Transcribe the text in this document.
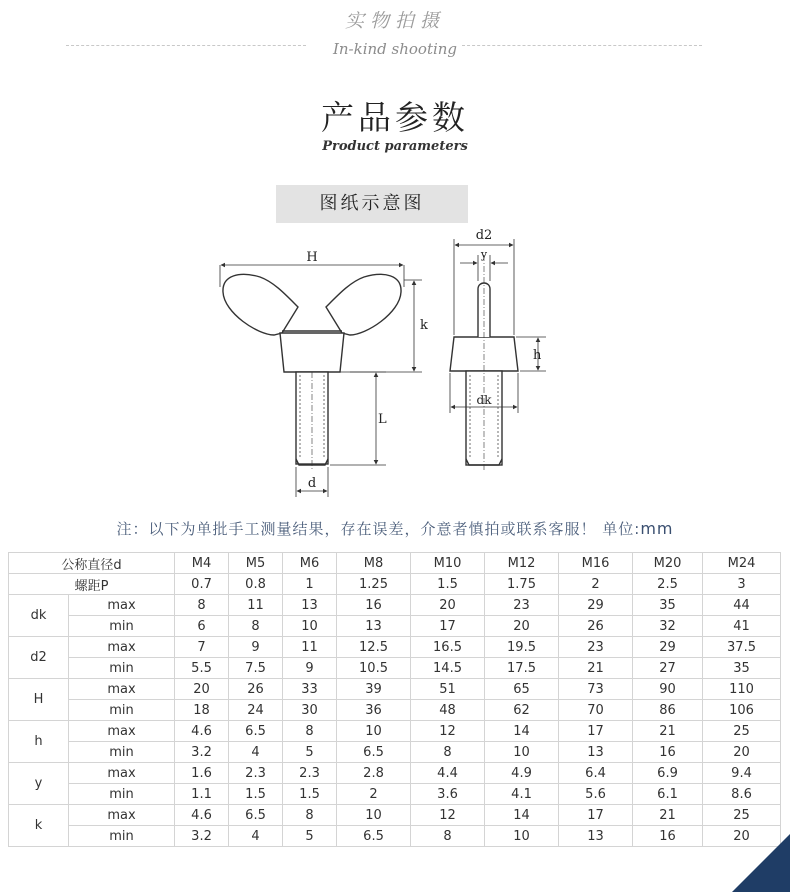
实物拍摄
In-kind shooting
产品参数
Product parameters
图纸示意图
H
k
L
d
d2
y
h
dk
注：以下为单批手工测量结果，存在误差，介意者慎拍或联系客服！ 单位:mm
公称直径d		M4	M5	M6	M8	M10	M12	M16	M20	M24
螺距P		0.7	0.8	1	1.25	1.5	1.75	2	2.5	3
dk	max	8	11	13	16	20	23	29	35	44
	min	6	8	10	13	17	20	26	32	41
d2	max	7	9	11	12.5	16.5	19.5	23	29	37.5
	min	5.5	7.5	9	10.5	14.5	17.5	21	27	35
H	max	20	26	33	39	51	65	73	90	110
	min	18	24	30	36	48	62	70	86	106
h	max	4.6	6.5	8	10	12	14	17	21	25
	min	3.2	4	5	6.5	8	10	13	16	20
y	max	1.6	2.3	2.3	2.8	4.4	4.9	6.4	6.9	9.4
	min	1.1	1.5	1.5	2	3.6	4.1	5.6	6.1	8.6
k	max	4.6	6.5	8	10	12	14	17	21	25
	min	3.2	4	5	6.5	8	10	13	16	20
